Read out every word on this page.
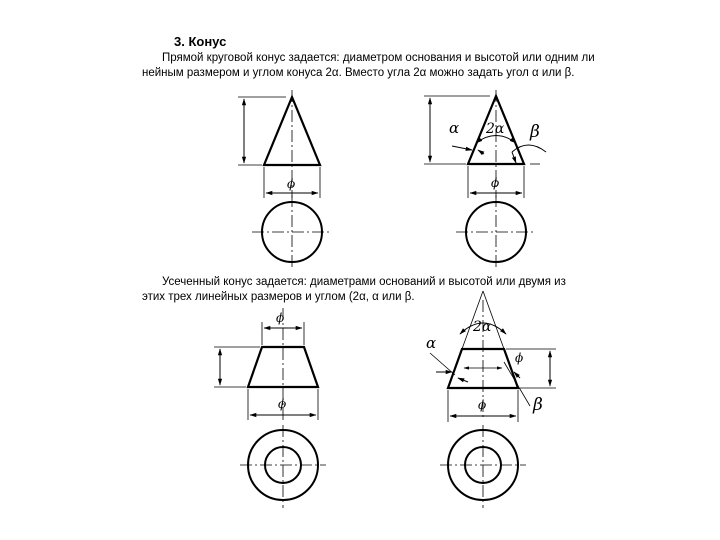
3. Конус
Прямой круговой конус задается: диаметром основания и высотой или одним ли
нейным размером и углом конуса 2α. Вместо угла 2α можно задать угол α или β.
Усеченный конус задается: диаметрами оснований и высотой или двумя из
этих трех линейных размеров и углом (2α, α или β.
ϕ
α 2α β
ϕ
ϕ
ϕ
2α
α
ϕ
β
ϕ
